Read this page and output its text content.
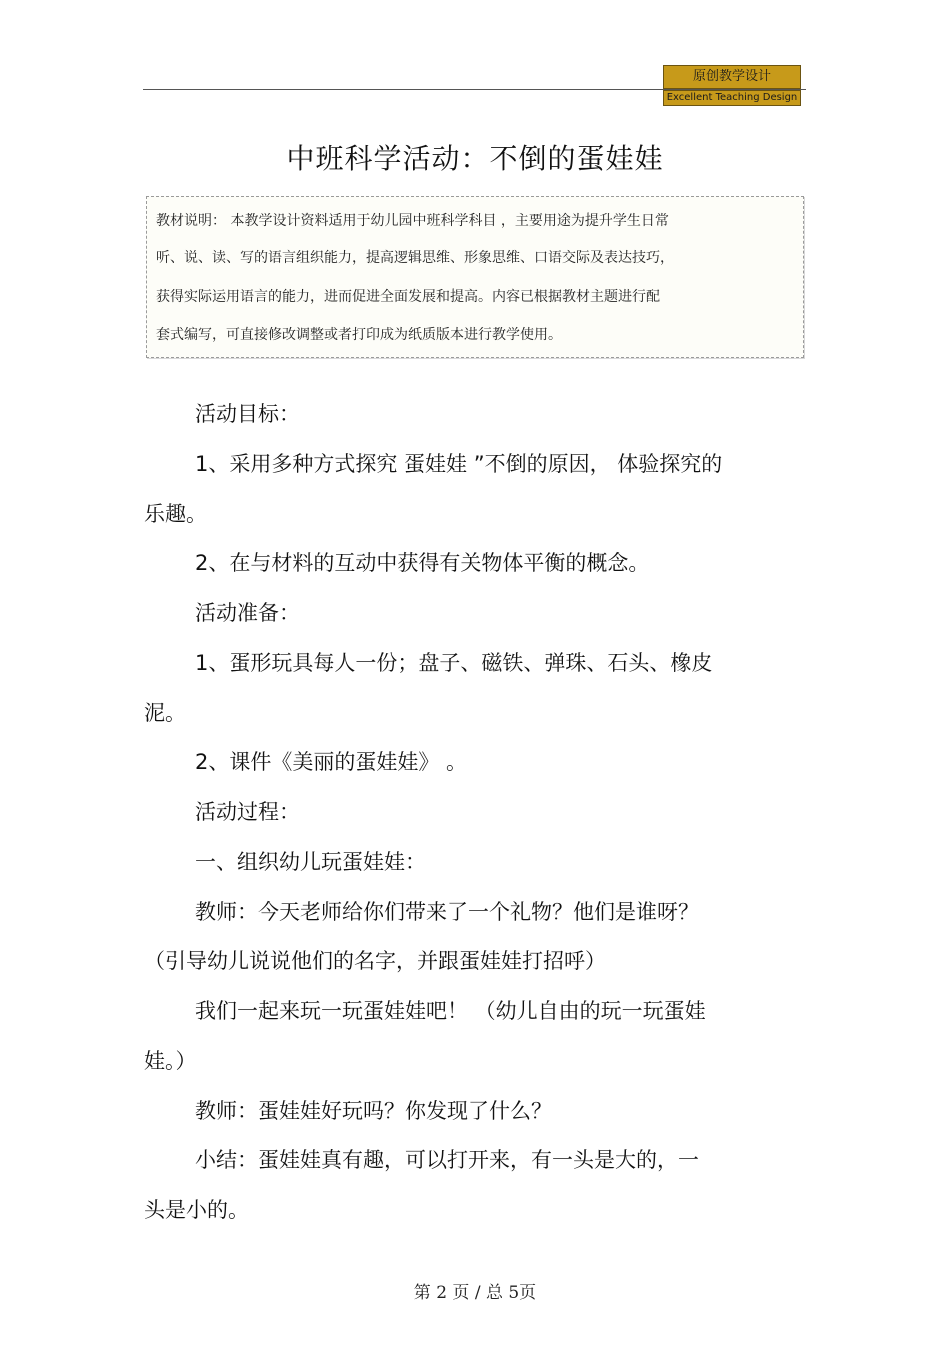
原创教学设计
Excellent Teaching Design
中班科学活动：不倒的蛋娃娃
教材说明： 本教学设计资料适用于幼儿园中班科学科目 ，主要用途为提升学生日常
听、说、读、写的语言组织能力，提高逻辑思维、形象思维、口语交际及表达技巧，
获得实际运用语言的能力，进而促进全面发展和提高。内容已根据教材主题进行配
套式编写，可直接修改调整或者打印成为纸质版本进行教学使用。
活动目标：
1、采用多种方式探究 蛋娃娃 ”不倒的原因， 体验探究的
乐趣。
2、在与材料的互动中获得有关物体平衡的概念。
活动准备：
1、蛋形玩具每人一份；盘子、磁铁、弹珠、石头、橡皮
泥。
2、课件《美丽的蛋娃娃》 。
活动过程：
一、组织幼儿玩蛋娃娃：
教师：今天老师给你们带来了一个礼物？他们是谁呀？
（引导幼儿说说他们的名字，并跟蛋娃娃打招呼）
我们一起来玩一玩蛋娃娃吧！ （幼儿自由的玩一玩蛋娃
娃。）
教师：蛋娃娃好玩吗？你发现了什么？
小结：蛋娃娃真有趣，可以打开来，有一头是大的，一
头是小的。
第 2 页 / 总 5页
